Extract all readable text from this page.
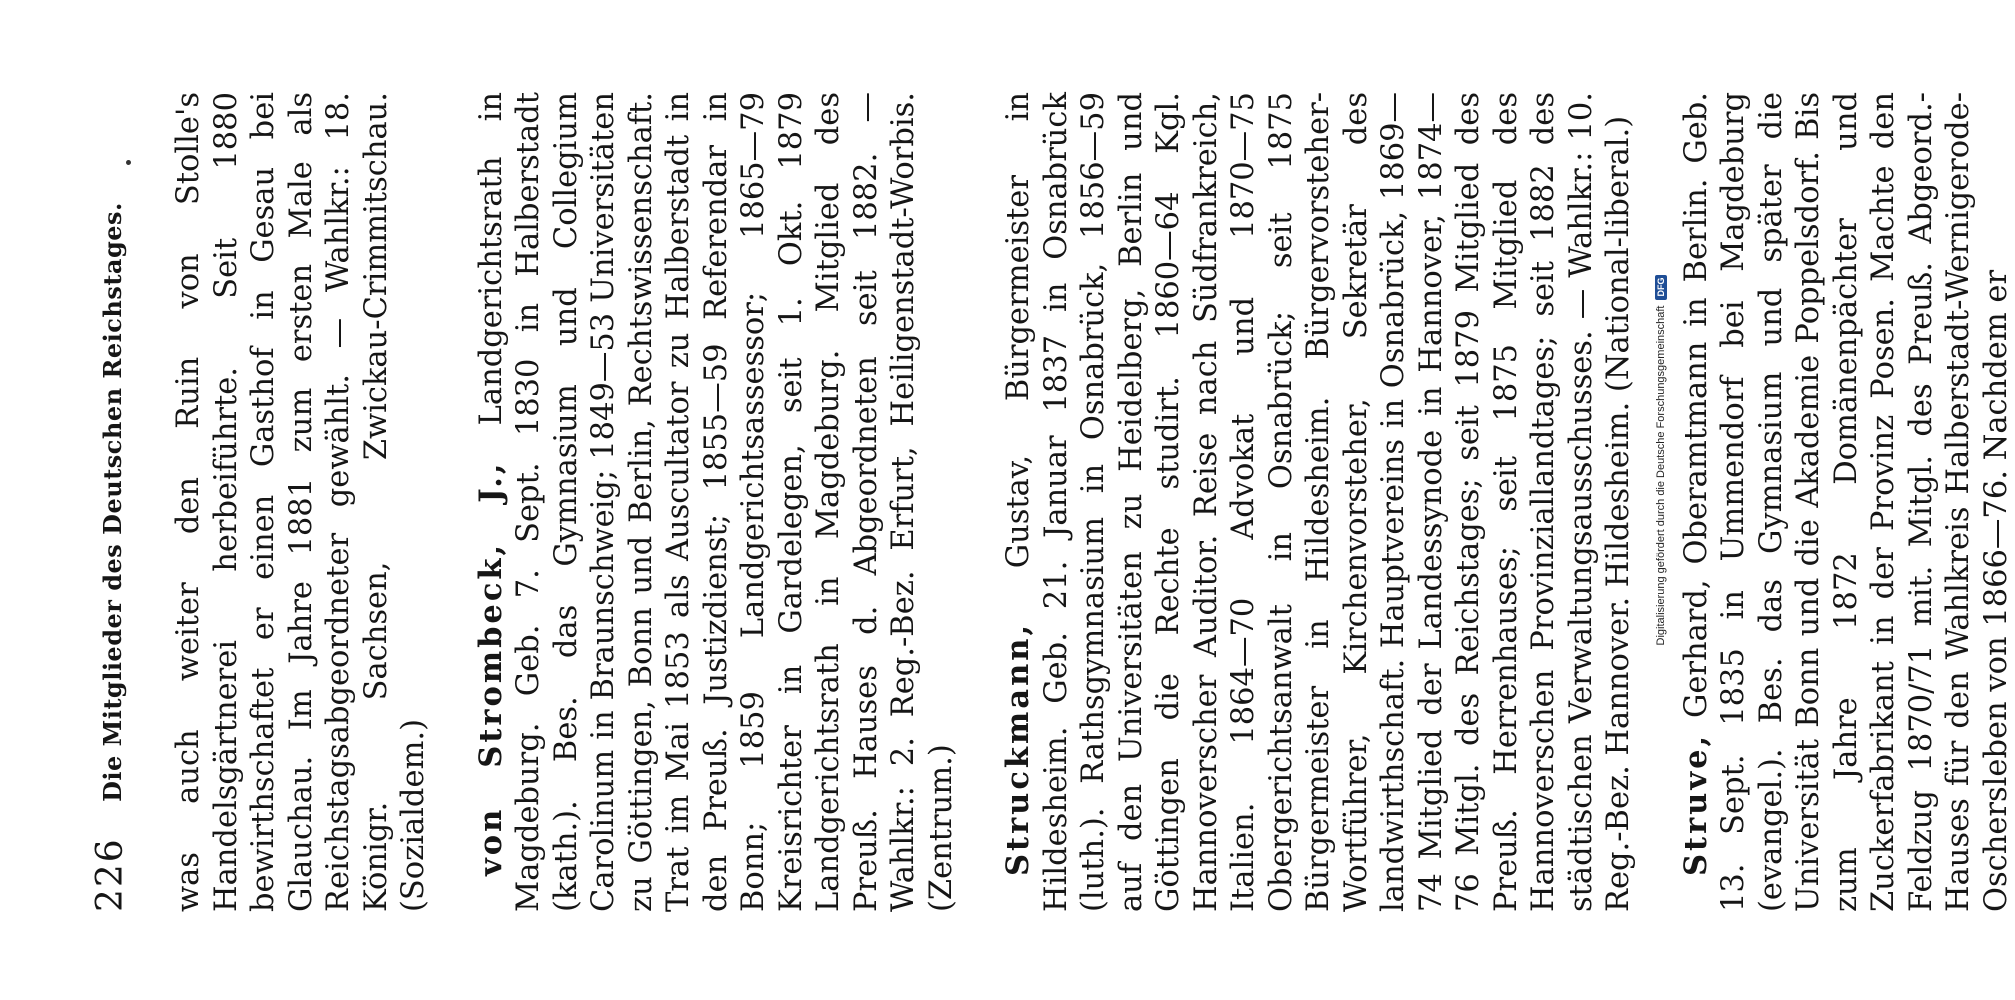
226
Die Mitglieder des Deutschen Reichstages. was auch weiter den Ruin von Stolle's Handelsgärtnerei herbeiführte. Seit 1880 bewirthschaftet er einen Gasthof in Gesau bei Glauchau. Im Jahre 1881 zum ersten Male als Reichstagsabgeordneter gewählt. — Wahlkr.: 18. Königr. Sachsen, Zwickau-Crimmitschau. (Sozialdem.) von Strombeck, J., Landgerichtsrath in Magdeburg. Geb. 7. Sept. 1830 in Halberstadt (kath.). Bes. das Gymnasium und Collegium Carolinum in Braunschweig; 1849—53 Universitäten zu Göttingen, Bonn und Berlin, Rechtswissenschaft. Trat im Mai 1853 als Auscultator zu Halberstadt in den Preuß. Justizdienst; 1855—59 Referendar in Bonn; 1859 Landgerichtsassessor; 1865—79 Kreisrichter in Gardelegen, seit 1. Okt. 1879 Landgerichtsrath in Magdeburg. Mitglied des Preuß. Hauses d. Abgeordneten seit 1882. — Wahlkr.: 2. Reg.-Bez. Erfurt, Heiligenstadt-Worbis. (Zentrum.) Struckmann, Gustav, Bürgermeister in Hildesheim. Geb. 21. Januar 1837 in Osnabrück (luth.). Rathsgymnasium in Osnabrück, 1856—59 auf den Universitäten zu Heidelberg, Berlin und Göttingen die Rechte studirt. 1860—64 Kgl. Hannoverscher Auditor. Reise nach Südfrankreich, Italien. 1864—70 Advokat und 1870—75 Obergerichtsanwalt in Osnabrück; seit 1875 Bürgermeister in Hildesheim. Bürgervorsteher-Wortführer, Kirchenvorsteher, Sekretär des landwirthschaft. Hauptvereins in Osnabrück, 1869—74 Mitglied der Landessynode in Hannover, 1874—76 Mitgl. des Reichstages; seit 1879 Mitglied des Preuß. Herrenhauses; seit 1875 Mitglied des Hannoverschen Provinziallandtages; seit 1882 des städtischen Verwaltungsausschusses. — Wahlkr.: 10. Reg.-Bez. Hannover. Hildesheim. (National-liberal.) Struve, Gerhard, Oberamtmann in Berlin. Geb. 13. Sept. 1835 in Ummendorf bei Magdeburg (evangel.). Bes. das Gymnasium und später die Universität Bonn und die Akademie Poppelsdorf. Bis zum Jahre 1872 Domänenpächter und Zuckerfabrikant in der Provinz Posen. Machte den Feldzug 1870/71 mit. Mitgl. des Preuß. Abgeord.-Hauses für den Wahlkreis Halberstadt-Wernigerode-Oschersleben von 1866—76. Nachdem er

Digitalisierung gefördert durch die Deutsche Forschungsgemeinschaft
DFG
